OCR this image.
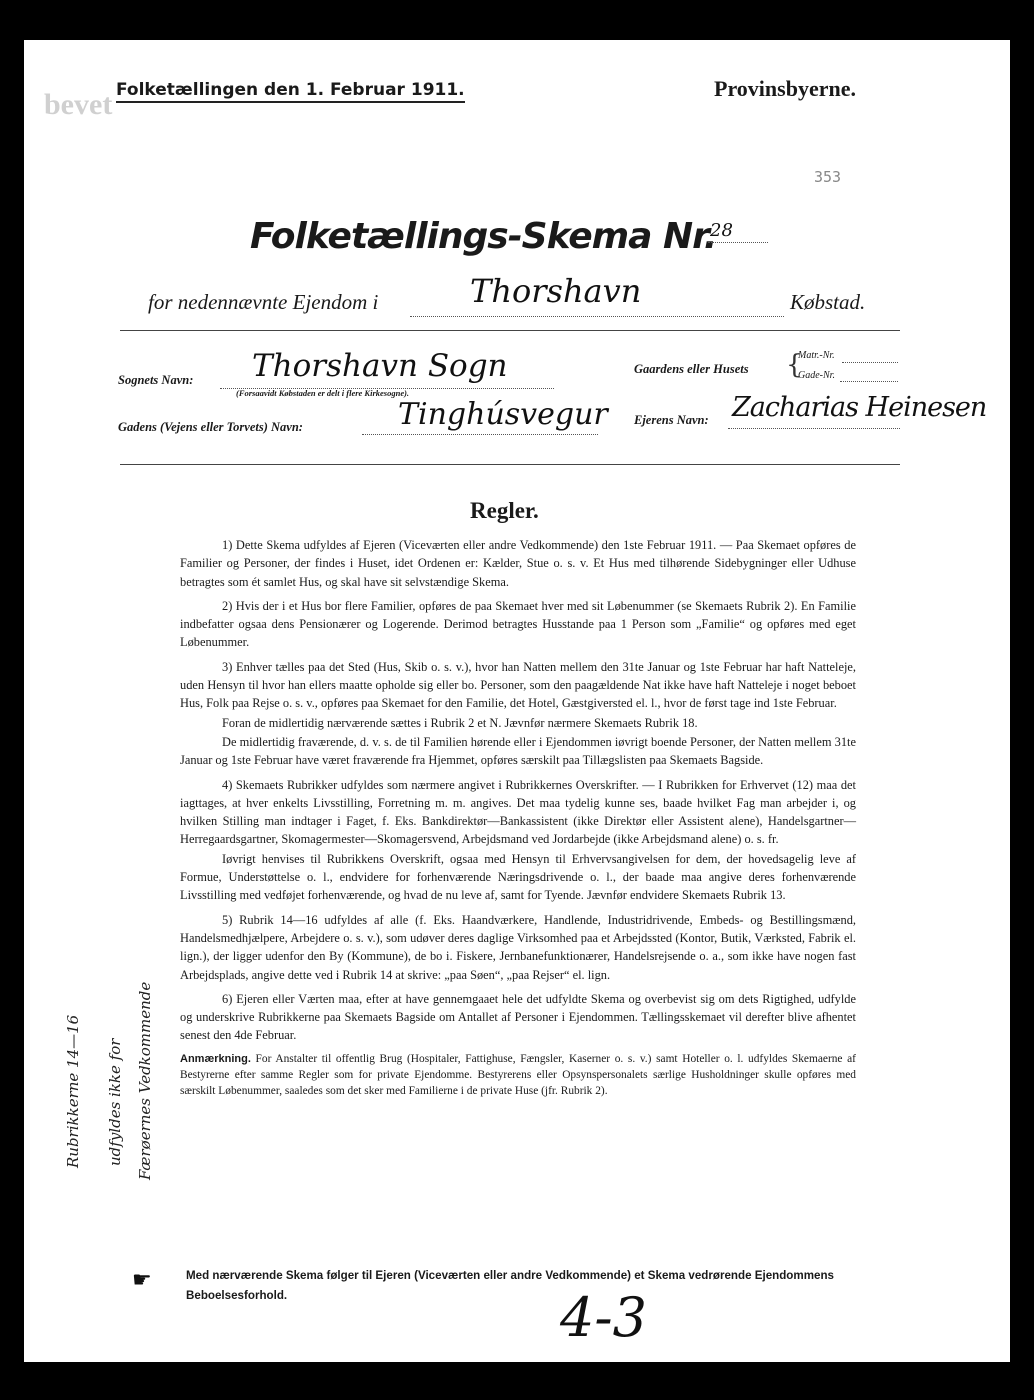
bevet Folketællingen den 1. Februar 1911.	Provinsbyerne.
353
Folketællings-Skema Nr.
28
for nedennævnte Ejendom i	Thorshavn	Købstad.
Sognets Navn: Thorshavn Sogn
(Forsaavidt Købstaden er delt i flere Kirkesogne).
Gaardens eller Husets {
Matr.-Nr.
Gade-Nr.
Gadens (Vejens eller Torvets) Navn:	Tinghúsvegur Ejerens Navn: Zacharias Heinesen
Regler.

1) Dette Skema udfyldes af Ejeren (Viceværten eller andre Vedkommende) den 1ste Februar 1911. — Paa Skemaet opføres de Familier og Personer, der findes i Huset, idet Ordenen er: Kælder, Stue o. s. v. Et Hus med tilhørende Sidebygninger eller Udhuse betragtes som ét samlet Hus, og skal have sit selvstændige Skema.

2) Hvis der i et Hus bor flere Familier, opføres de paa Skemaet hver med sit Løbenummer (se Skemaets Rubrik 2). En Familie indbefatter ogsaa dens Pensionærer og Logerende. Derimod betragtes Husstande paa 1 Person som „Familie“ og opføres med eget Løbenummer.

3) Enhver tælles paa det Sted (Hus, Skib o. s. v.), hvor han Natten mellem den 31te Januar og 1ste Februar har haft Natteleje, uden Hensyn til hvor han ellers maatte opholde sig eller bo. Personer, som den paagældende Nat ikke have haft Natteleje i noget beboet Hus, Folk paa Rejse o. s. v., opføres paa Skemaet for den Familie, det Hotel, Gæstgiversted el. l., hvor de først tage ind 1ste Februar.

Foran de midlertidig nærværende sættes i Rubrik 2 et N. Jævnfør nærmere Skemaets Rubrik 18.

De midlertidig fraværende, d. v. s. de til Familien hørende eller i Ejendommen iøvrigt boende Personer, der Natten mellem 31te Januar og 1ste Februar have været fraværende fra Hjemmet, opføres særskilt paa Tillægslisten paa Skemaets Bagside.

4) Skemaets Rubrikker udfyldes som nærmere angivet i Rubrikkernes Overskrifter. — I Rubrikken for Erhvervet (12) maa det iagttages, at hver enkelts Livsstilling, Forretning m. m. angives. Det maa tydelig kunne ses, baade hvilket Fag man arbejder i, og hvilken Stilling man indtager i Faget, f. Eks. Bankdirektør—Bankassistent (ikke Direktør eller Assistent alene), Handelsgartner—Herregaardsgartner, Skomagermester—Skomagersvend, Arbejdsmand ved Jordarbejde (ikke Arbejdsmand alene) o. s. fr.

Iøvrigt henvises til Rubrikkens Overskrift, ogsaa med Hensyn til Erhvervsangivelsen for dem, der hovedsagelig leve af Formue, Understøttelse o. l., endvidere for forhenværende Næringsdrivende o. l., der baade maa angive deres forhenværende Livsstilling med vedføjet forhenværende, og hvad de nu leve af, samt for Tyende. Jævnfør endvidere Skemaets Rubrik 13.

5) Rubrik 14—16 udfyldes af alle (f. Eks. Haandværkere, Handlende, Industridrivende, Embeds- og Bestillingsmænd, Handelsmedhjælpere, Arbejdere o. s. v.), som udøver deres daglige Virksomhed paa et Arbejdssted (Kontor, Butik, Værksted, Fabrik el. lign.), der ligger udenfor den By (Kommune), de bo i. Fiskere, Jernbanefunktionærer, Handelsrejsende o. a., som ikke have nogen fast Arbejdsplads, angive dette ved i Rubrik 14 at skrive: „paa Søen“, „paa Rejser“ el. lign.

6) Ejeren eller Værten maa, efter at have gennemgaaet hele det udfyldte Skema og overbevist sig om dets Rigtighed, udfylde og underskrive Rubrikkerne paa Skemaets Bagside om Antallet af Personer i Ejendommen. Tællingsskemaet vil derefter blive afhentet senest den 4de Februar.

Anmærkning. For Anstalter til offentlig Brug (Hospitaler, Fattighuse, Fængsler, Kaserner o. s. v.) samt Hoteller o. l. udfyldes Skemaerne af Bestyrerne efter samme Regler som for private Ejendomme. Bestyrerens eller Opsynspersonalets særlige Husholdninger skulle opføres med særskilt Løbenummer, saaledes som det sker med Familierne i de private Huse (jfr. Rubrik 2).
Rubrikkerne 14—16 udfyldes ikke for Færøernes Vedkommende
☛	Med nærværende Skema følger til Ejeren (Viceværten eller andre Vedkommende) et Skema vedrørende Ejendommens Beboelsesforhold.	4-3
